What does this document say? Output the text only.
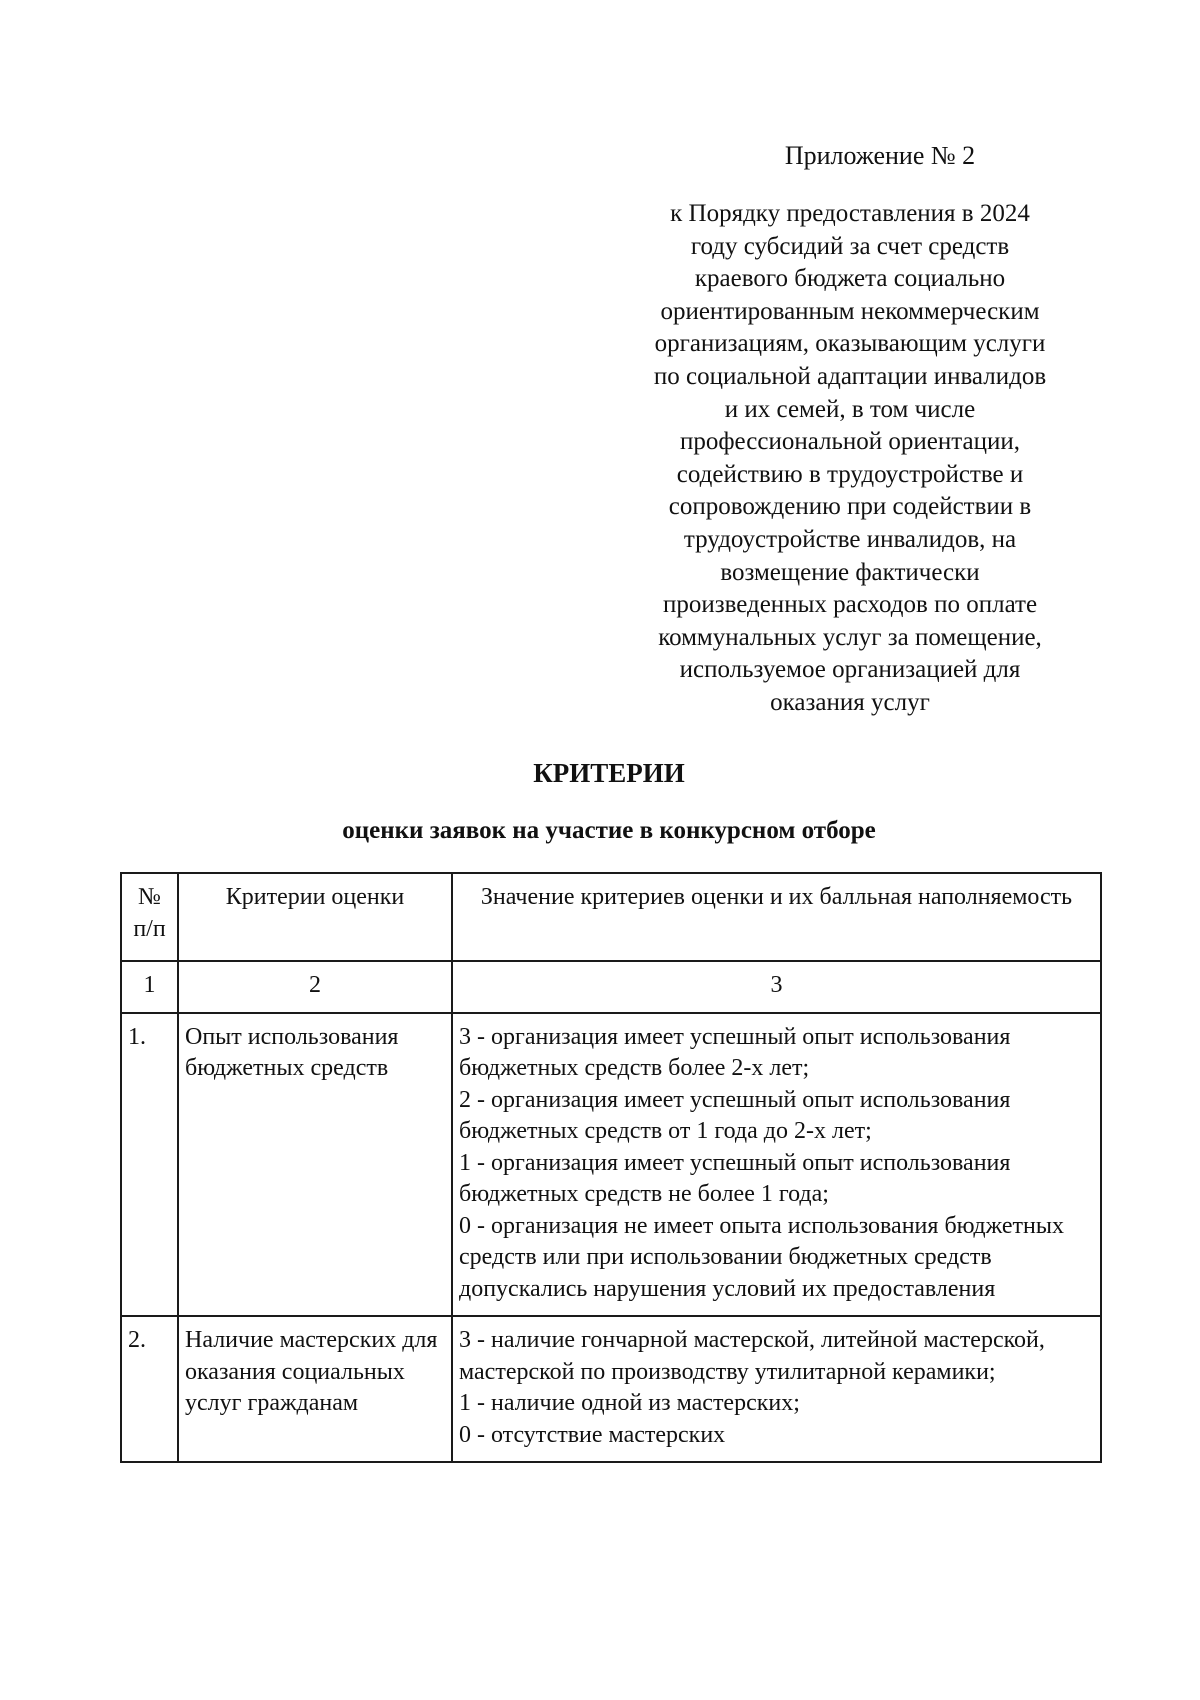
Приложение № 2
к Порядку предоставления в 2024
году субсидий за счет средств
краевого бюджета социально
ориентированным некоммерческим
организациям, оказывающим услуги
по социальной адаптации инвалидов
и их семей, в том числе
профессиональной ориентации,
содействию в трудоустройстве и
сопровождению при содействии в
трудоустройстве инвалидов, на
возмещение фактически
произведенных расходов по оплате
коммунальных услуг за помещение,
используемое организацией для
оказания услуг
КРИТЕРИИ
оценки заявок на участие в конкурсном отборе
№ п/п	Критерии оценки	Значение критериев оценки и их балльная наполняемость
1	2	3
1.	Опыт использования бюджетных средств	3 - организация имеет успешный опыт использования бюджетных средств более 2-х лет;
2 - организация имеет успешный опыт использования бюджетных средств от 1 года до 2-х лет;
1 - организация имеет успешный опыт использования бюджетных средств не более 1 года;
0 - организация не имеет опыта использования бюджетных средств или при использовании бюджетных средств допускались нарушения условий их предоставления

2.	Наличие мастерских для оказания социальных услуг гражданам	3 - наличие гончарной мастерской, литейной мастерской, мастерской по производству утилитарной керамики;
1 - наличие одной из мастерских;
0 - отсутствие мастерских
